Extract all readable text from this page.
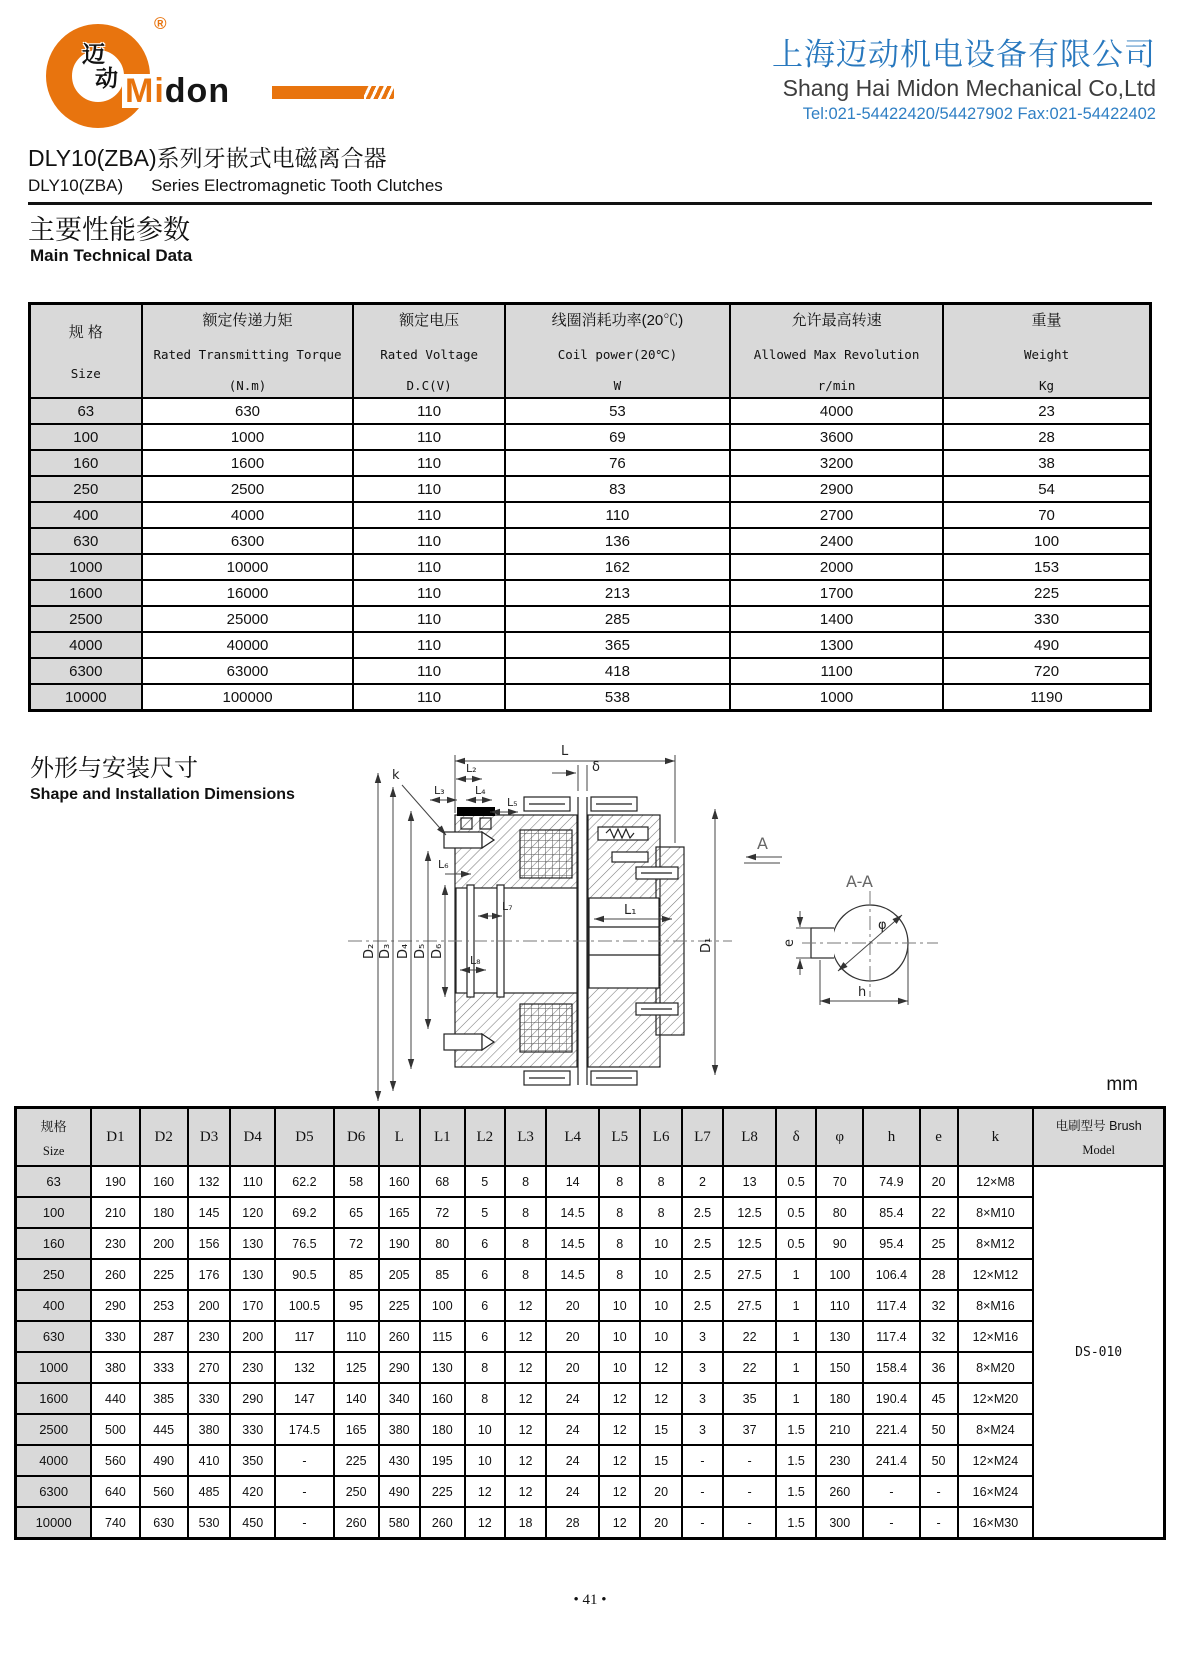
迈
动
®
Midon
上海迈动机电设备有限公司
Shang Hai Midon Mechanical Co,Ltd
Tel:021-54422420/54427902 Fax:021-54422402
DLY10(ZBA)系列牙嵌式电磁离合器
DLY10(ZBA) Series Electromagnetic Tooth Clutches
主要性能参数
Main Technical Data
规 格
Size

额定传递力矩
Rated Transmitting Torque
(N.m)

额定电压
Rated Voltage
D.C(V)

线圈消耗功率(20℃)
Coil power(20℃)
W

允许最高转速
Allowed Max Revolution
r/min

重量
Weight
Kg

63	630	110	53	4000	23
100	1000	110	69	3600	28
160	1600	110	76	3200	38
250	2500	110	83	2900	54
400	4000	110	110	2700	70
630	6300	110	136	2400	100
1000	10000	110	162	2000	153
1600	16000	110	213	1700	225
2500	25000	110	285	1400	330
4000	40000	110	365	1300	490
6300	63000	110	418	1100	720
10000	100000	110	538	1000	1190
外形与安装尺寸
Shape and Installation Dimensions
L
δ
k	L₂
L₃	L₄
L₅
L₆
L₇
L₈
L₁
D₂ D₃ D₄ D₅ D₆	D₁
A
A-A
φ
e
h
mm
规格
Size
	D1	D2	D3	D4	D5	D6	L	L1	L2	L3	L4	L5	L6	L7	L8	δ	φ	h	e	k	
电刷型号 Brush
Model

63	190	160	132	110	62.2	58	160	68	5	8	14	8	8	2	13	0.5	70	74.9	20	12×M8	DS-010
100	210	180	145	120	69.2	65	165	72	5	8	14.5	8	8	2.5	12.5	0.5	80	85.4	22	8×M10	
160	230	200	156	130	76.5	72	190	80	6	8	14.5	8	10	2.5	12.5	0.5	90	95.4	25	8×M12	
250	260	225	176	130	90.5	85	205	85	6	8	14.5	8	10	2.5	27.5	1	100	106.4	28	12×M12	
400	290	253	200	170	100.5	95	225	100	6	12	20	10	10	2.5	27.5	1	110	117.4	32	8×M16	
630	330	287	230	200	117	110	260	115	6	12	20	10	10	3	22	1	130	117.4	32	12×M16	
1000	380	333	270	230	132	125	290	130	8	12	20	10	12	3	22	1	150	158.4	36	8×M20	
1600	440	385	330	290	147	140	340	160	8	12	24	12	12	3	35	1	180	190.4	45	12×M20	
2500	500	445	380	330	174.5	165	380	180	10	12	24	12	15	3	37	1.5	210	221.4	50	8×M24	
4000	560	490	410	350	-	225	430	195	10	12	24	12	15	-	-	1.5	230	241.4	50	12×M24	
6300	640	560	485	420	-	250	490	225	12	12	24	12	20	-	-	1.5	260	-	-	16×M24	
10000	740	630	530	450	-	260	580	260	12	18	28	12	20	-	-	1.5	300	-	-	16×M30	
• 41 •
